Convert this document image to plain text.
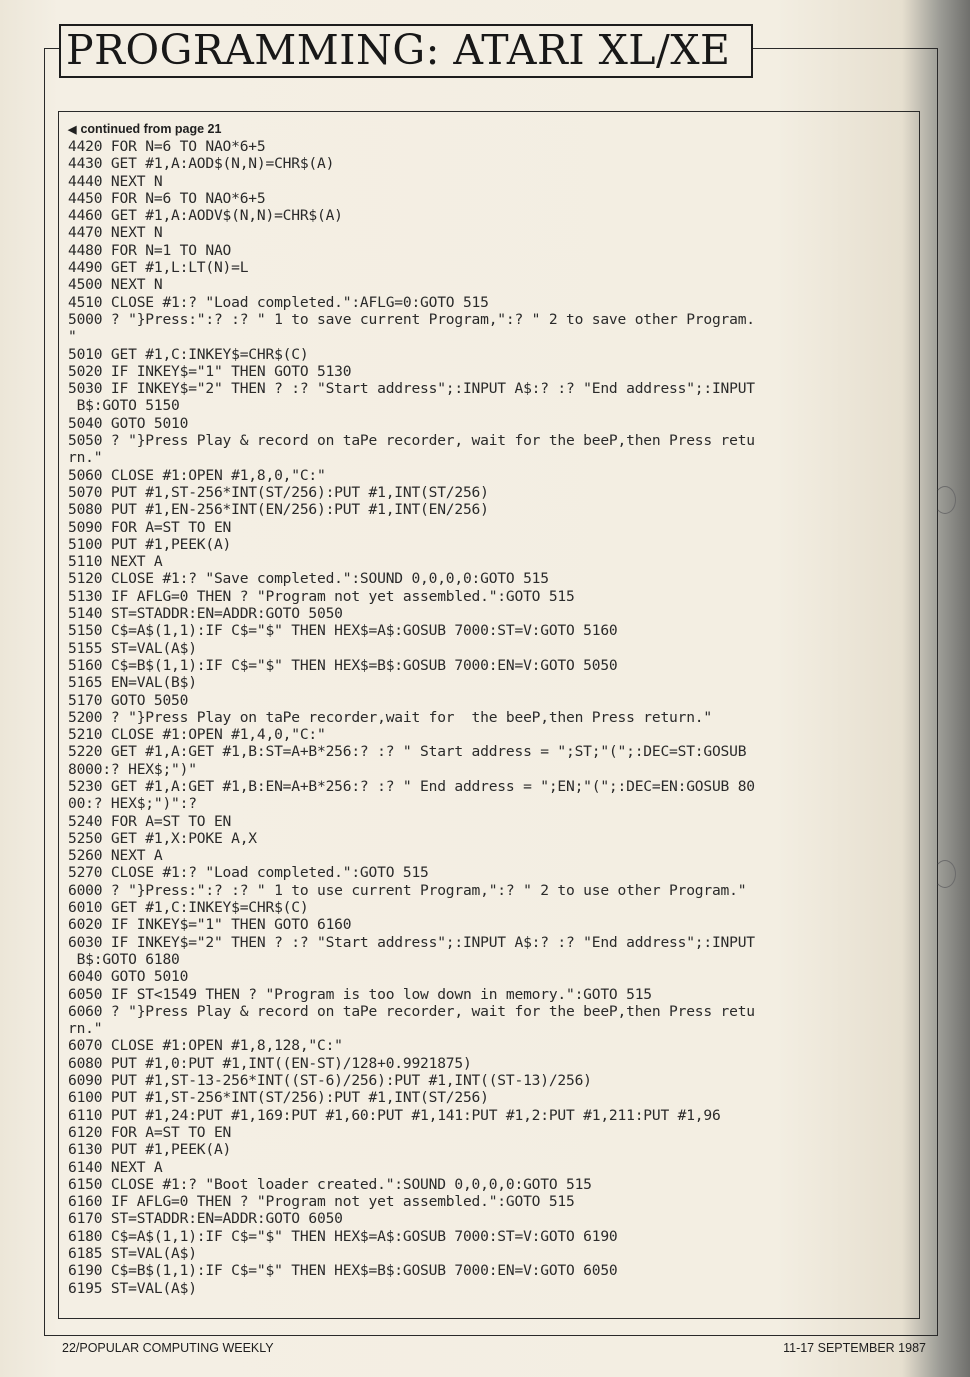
PROGRAMMING: ATARI XL/XE
◀ continued from page 21
4420 FOR N=6 TO NAO*6+5
4430 GET #1,A:AOD$(N,N)=CHR$(A)
4440 NEXT N
4450 FOR N=6 TO NAO*6+5
4460 GET #1,A:AODV$(N,N)=CHR$(A)
4470 NEXT N
4480 FOR N=1 TO NAO
4490 GET #1,L:LT(N)=L
4500 NEXT N
4510 CLOSE #1:? "Load completed.":AFLG=0:GOTO 515
5000 ? "}Press:":? :? " 1 to save current Program,":? " 2 to save other Program.
"
5010 GET #1,C:INKEY$=CHR$(C)
5020 IF INKEY$="1" THEN GOTO 5130
5030 IF INKEY$="2" THEN ? :? "Start address";:INPUT A$:? :? "End address";:INPUT
B$:GOTO 5150
5040 GOTO 5010
5050 ? "}Press Play & record on taPe recorder, wait for the beeP,then Press retu
rn."
5060 CLOSE #1:OPEN #1,8,0,"C:"
5070 PUT #1,ST-256*INT(ST/256):PUT #1,INT(ST/256)
5080 PUT #1,EN-256*INT(EN/256):PUT #1,INT(EN/256)
5090 FOR A=ST TO EN
5100 PUT #1,PEEK(A)
5110 NEXT A
5120 CLOSE #1:? "Save completed.":SOUND 0,0,0,0:GOTO 515
5130 IF AFLG=0 THEN ? "Program not yet assembled.":GOTO 515
5140 ST=STADDR:EN=ADDR:GOTO 5050
5150 C$=A$(1,1):IF C$="$" THEN HEX$=A$:GOSUB 7000:ST=V:GOTO 5160
5155 ST=VAL(A$)
5160 C$=B$(1,1):IF C$="$" THEN HEX$=B$:GOSUB 7000:EN=V:GOTO 5050
5165 EN=VAL(B$)
5170 GOTO 5050
5200 ? "}Press Play on taPe recorder,wait for  the beeP,then Press return."
5210 CLOSE #1:OPEN #1,4,0,"C:"
5220 GET #1,A:GET #1,B:ST=A+B*256:? :? " Start address = ";ST;"(";:DEC=ST:GOSUB
8000:? HEX$;")"
5230 GET #1,A:GET #1,B:EN=A+B*256:? :? " End address = ";EN;"(";:DEC=EN:GOSUB 80
00:? HEX$;")":?
5240 FOR A=ST TO EN
5250 GET #1,X:POKE A,X
5260 NEXT A
5270 CLOSE #1:? "Load completed.":GOTO 515
6000 ? "}Press:":? :? " 1 to use current Program,":? " 2 to use other Program."
6010 GET #1,C:INKEY$=CHR$(C)
6020 IF INKEY$="1" THEN GOTO 6160
6030 IF INKEY$="2" THEN ? :? "Start address";:INPUT A$:? :? "End address";:INPUT
B$:GOTO 6180
6040 GOTO 5010
6050 IF ST<1549 THEN ? "Program is too low down in memory.":GOTO 515
6060 ? "}Press Play & record on taPe recorder, wait for the beeP,then Press retu
rn."
6070 CLOSE #1:OPEN #1,8,128,"C:"
6080 PUT #1,0:PUT #1,INT((EN-ST)/128+0.9921875)
6090 PUT #1,ST-13-256*INT((ST-6)/256):PUT #1,INT((ST-13)/256)
6100 PUT #1,ST-256*INT(ST/256):PUT #1,INT(ST/256)
6110 PUT #1,24:PUT #1,169:PUT #1,60:PUT #1,141:PUT #1,2:PUT #1,211:PUT #1,96
6120 FOR A=ST TO EN
6130 PUT #1,PEEK(A)
6140 NEXT A
6150 CLOSE #1:? "Boot loader created.":SOUND 0,0,0,0:GOTO 515
6160 IF AFLG=0 THEN ? "Program not yet assembled.":GOTO 515
6170 ST=STADDR:EN=ADDR:GOTO 6050
6180 C$=A$(1,1):IF C$="$" THEN HEX$=A$:GOSUB 7000:ST=V:GOTO 6190
6185 ST=VAL(A$)
6190 C$=B$(1,1):IF C$="$" THEN HEX$=B$:GOSUB 7000:EN=V:GOTO 6050
6195 ST=VAL(A$)
22/POPULAR COMPUTING WEEKLY	11-17 SEPTEMBER 1987
